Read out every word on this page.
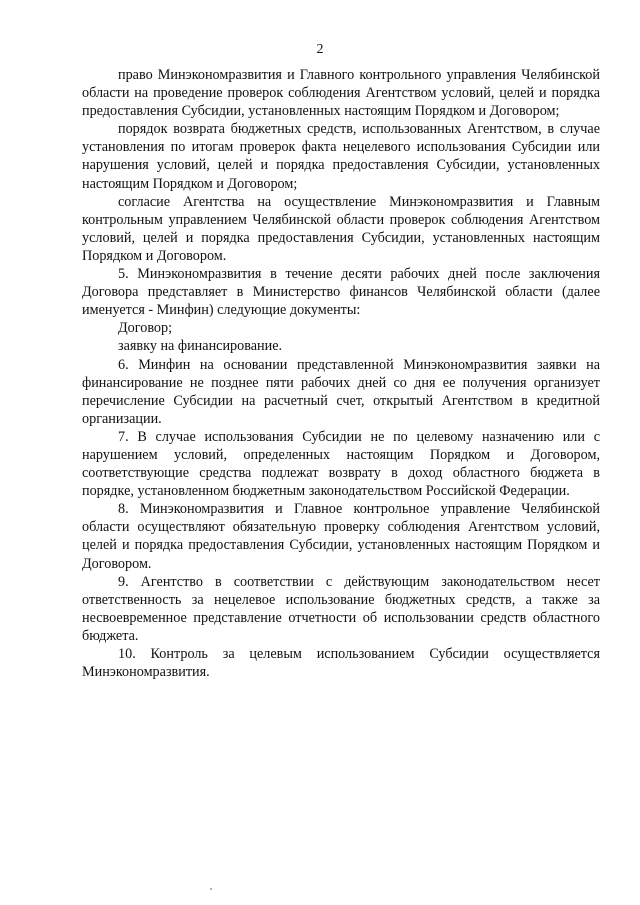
2

право Минэкономразвития и Главного контрольного управления Челябинской области на проведение проверок соблюдения Агентством условий, целей и порядка предоставления Субсидии, установленных настоящим Порядком и Договором;

порядок возврата бюджетных средств, использованных Агентством, в случае установления по итогам проверок факта нецелевого использования Субсидии или нарушения условий, целей и порядка предоставления Субсидии, установленных настоящим Порядком и Договором;

согласие Агентства на осуществление Минэкономразвития и Главным контрольным управлением Челябинской области проверок соблюдения Агентством условий, целей и порядка предоставления Субсидии, установленных настоящим Порядком и Договором.

5. Минэкономразвития в течение десяти рабочих дней после заключения Договора представляет в Министерство финансов Челябинской области (далее именуется - Минфин) следующие документы:

Договор;

заявку на финансирование.

6. Минфин на основании представленной Минэкономразвития заявки на финансирование не позднее пяти рабочих дней со дня ее получения организует перечисление Субсидии на расчетный счет, открытый Агентством в кредитной организации.

7. В случае использования Субсидии не по целевому назначению или с нарушением условий, определенных настоящим Порядком и Договором, соответствующие средства подлежат возврату в доход областного бюджета в порядке, установленном бюджетным законодательством Российской Федерации.

8. Минэкономразвития и Главное контрольное управление Челябинской области осуществляют обязательную проверку соблюдения Агентством условий, целей и порядка предоставления Субсидии, установленных настоящим Порядком и Договором.

9. Агентство в соответствии с действующим законодательством несет ответственность за нецелевое использование бюджетных средств, а также за несвоевременное представление отчетности об использовании средств областного бюджета.

10. Контроль за целевым использованием Субсидии осуществляется Минэкономразвития.
